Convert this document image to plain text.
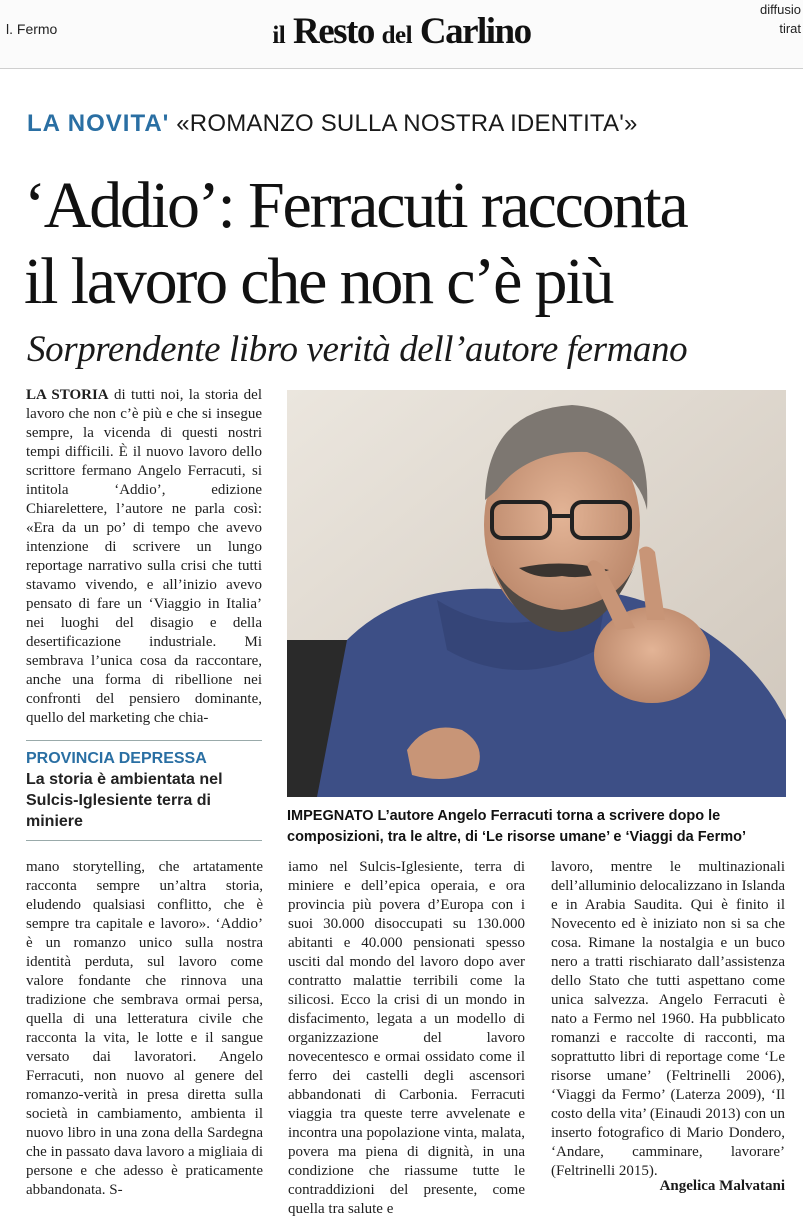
l. Fermo	il Resto del Carlino
diffusio
tirat
LA NOVITA' «ROMANZO SULLA NOSTRA IDENTITA'»
‘Addio’: Ferracuti racconta
il lavoro che non c’è più
Sorprendente libro verità dell’autore fermano
LA STORIA di tutti noi, la storia del lavoro che non c’è più e che si insegue sempre, la vicenda di questi nostri tempi difficili. È il nuovo lavoro dello scrittore fermano Angelo Ferracuti, si intitola ‘Addio’, edizione Chiarelettere, l’autore ne parla così: «Era da un po’ di tempo che avevo intenzione di scrivere un lungo reportage narrativo sulla crisi che tutti stavamo vivendo, e all’inizio avevo pensato di fare un ‘Viaggio in Italia’ nei luoghi del disagio e della desertificazione industriale. Mi sembrava l’unica cosa da raccontare, anche una forma di ribellione nei confronti del pensiero dominante, quello del marketing che chia-
PROVINCIA DEPRESSA
La storia è ambientata nel Sulcis-Iglesiente terra di miniere	IMPEGNATO L’autore Angelo Ferracuti torna a scrivere dopo le composizioni, tra le altre, di ‘Le risorse umane’ e ‘Viaggi da Fermo’
mano storytelling, che artatamente racconta sempre un’altra storia, eludendo qualsiasi conflitto, che è sempre tra capitale e lavoro». ‘Addio’ è un romanzo unico sulla nostra identità perduta, sul lavoro come valore fondante che rinnova una tradizione che sembrava ormai persa, quella di una letteratura civile che racconta la vita, le lotte e il sangue versato dai lavoratori. Angelo Ferracuti, non nuovo al genere del romanzo-verità in presa diretta sulla società in cambiamento, ambienta il nuovo libro in una zona della Sardegna che in passato dava lavoro a migliaia di persone e che adesso è praticamente abbandonata. S-
iamo nel Sulcis-Iglesiente, terra di miniere e dell’epica operaia, e ora provincia più povera d’Europa con i suoi 30.000 disoccupati su 130.000 abitanti e 40.000 pensionati spesso usciti dal mondo del lavoro dopo aver contratto malattie terribili come la silicosi. Ecco la crisi di un mondo in disfacimento, legata a un modello di organizzazione del lavoro novecentesco e ormai ossidato come il ferro dei castelli degli ascensori abbandonati di Carbonia. Ferracuti viaggia tra queste terre avvelenate e incontra una popolazione vinta, malata, povera ma piena di dignità, in una condizione che riassume tutte le contraddizioni del presente, come quella tra salute e
lavoro, mentre le multinazionali dell’alluminio delocalizzano in Islanda e in Arabia Saudita. Qui è finito il Novecento ed è iniziato non si sa che cosa. Rimane la nostalgia e un buco nero a tratti rischiarato dall’assistenza dello Stato che tutti aspettano come unica salvezza. Angelo Ferracuti è nato a Fermo nel 1960. Ha pubblicato romanzi e raccolte di racconti, ma soprattutto libri di reportage come ‘Le risorse umane’ (Feltrinelli 2006), ‘Viaggi da Fermo’ (Laterza 2009), ‘Il costo della vita’ (Einaudi 2013) con un inserto fotografico di Mario Dondero, ‘Andare, camminare, lavorare’ (Feltrinelli 2015).
Angelica Malvatani
